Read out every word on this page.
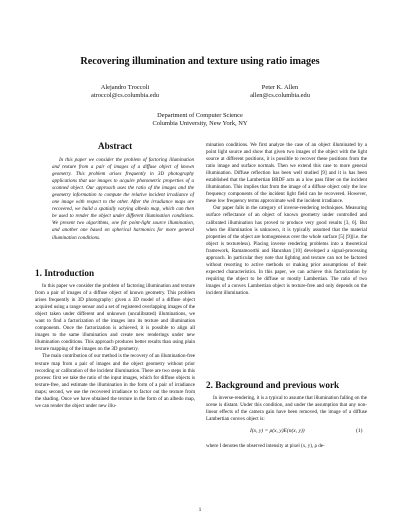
Recovering illumination and texture using ratio images
Alejandro Troccoli
atroccol@cs.columbia.edu
Peter K. Allen
allen@cs.columbia.edu
Department of Computer Science
Columbia University, New York, NY
Abstract

In this paper we consider the problem of factoring illumination and texture from a pair of images of a diffuse object of known geometry. This problem arises frequently in 3D photography applications that use images to acquire photometric properties of a scanned object. Our approach uses the ratio of the images and the geometry information to compute the relative incident irradiance of one image with respect to the other. After the irradiance maps are recovered, we build a spatially varying albedo map, which can then be used to render the object under different illumination conditions. We present two algorithms, one for point-light source illumination, and another one based on spherical harmonics for more general illumination conditions.

1. Introduction

In this paper we consider the problem of factoring illumination and texture from a pair of images of a diffuse object of known geometry. This problem arises frequently in 3D photography: given a 3D model of a diffuse object acquired using a range sensor and a set of registered overlapping images of the object taken under different and unknown (uncalibrated) illuminations, we want to find a factorization of the images into its texture and illumination components. Once the factorization is achieved, it is possible to align all images to the same illumination and create new renderings under new illumination conditions. This approach produces better results than using plain texture mapping of the images on the 3D geometry.

The main contribution of our method is the recovery of an illumination-free texture map from a pair of images and the object geometry without prior recording or calibration of the incident illumination. There are two steps in this process: first we take the ratio of the input images, which for diffuse objects is texture-free, and estimate the illumination in the form of a pair of irradiance maps; second, we use the recovered irradiance to factor out the texture from the shading. Once we have obtained the texture in the form of an albedo map, we can render the object under new illu-

mination conditions. We first analyze the case of an object illuminated by a point light source and show that given two images of the object with the light source at different positions, it is possible to recover these positions from the ratio image and surface normals. Then we extend this case to more general illumination. Diffuse reflection has been well studied [9] and it is has been established that the Lambertian BRDF acts as a low pass filter on the incident illumination. This implies that from the image of a diffuse object only the low frequency components of the incident light field can be recovered. However, these low frequency terms approximate well the incident irradiance.

Our paper falls in the category of inverse-rendering techniques. Measuring surface reflectance of an object of known geometry under controlled and calibrated illumination has proved to produce very good results [3, 6]. But when the illumination is unknown, it is typically assumed that the material properties of the object are homogeneous over the whole surface [5] [9](i.e. the object is textureless). Placing inverse rendering problems into a theoretical framework, Ramamoorthi and Hanrahan [10] developed a signal-processing approach. In particular they note that lighting and texture can not be factored without resorting to active methods or making prior assumptions of their expected characteristics. In this paper, we can achieve this factorization by requiring the object to be diffuse or mostly Lambertian. The ratio of two images of a convex Lambertian object is texture-free and only depends on the incident illumination.

2. Background and previous work

In inverse-rendering, it is a typical to assume that illumination falling on the scene is distant. Under this condition, and under the assumption that any non-linear effects of the camera gain have been removed, the image of a diffuse Lambertian convex object is:

I(x, y) = ρ(x, y)E(n(x, y))	(1)

where I denotes the observed intensity at pixel (x, y), ρ de-

1
